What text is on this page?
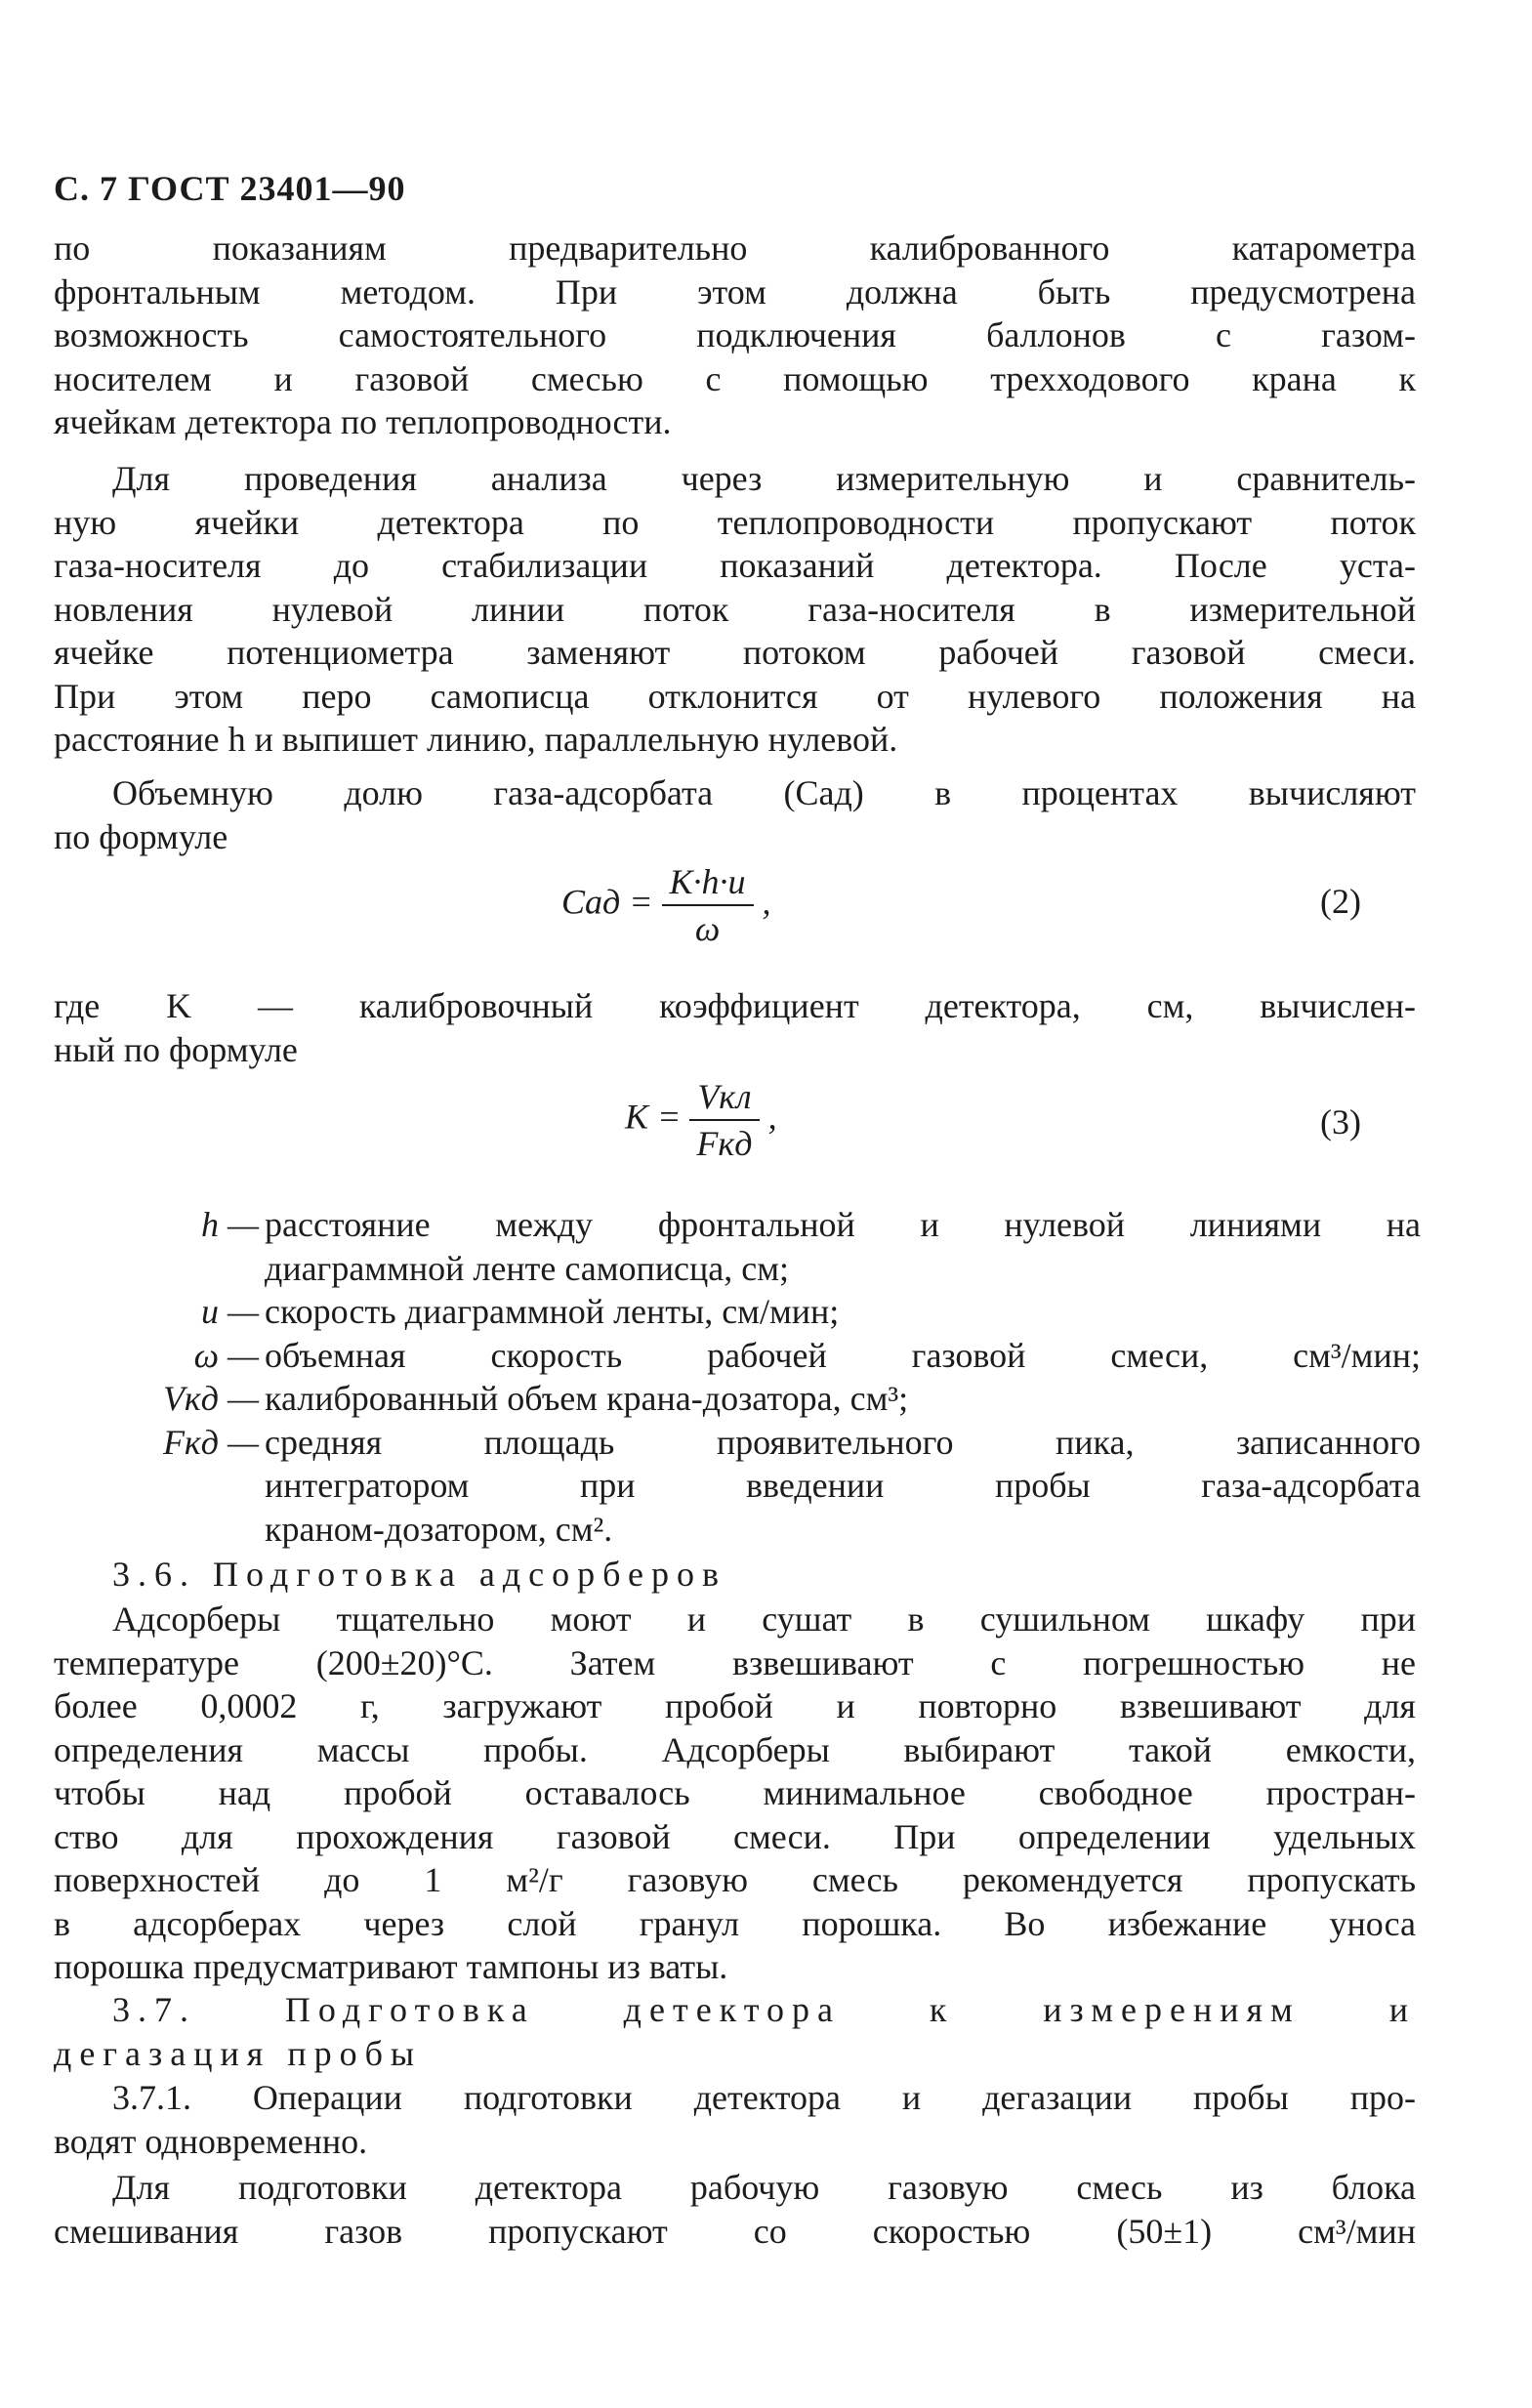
С. 7 ГОСТ 23401—90
по показаниям предварительно калиброванного катарометра
фронтальным методом. При этом должна быть предусмотрена
возможность самостоятельного подключения баллонов с газом-
носителем и газовой смесью с помощью трехходового крана к
ячейкам детектора по теплопроводности.
Для проведения анализа через измерительную и сравнитель-
ную ячейки детектора по теплопроводности пропускают поток
газа-носителя до стабилизации показаний детектора. После уста-
новления нулевой линии поток газа-носителя в измерительной
ячейке потенциометра заменяют потоком рабочей газовой смеси.
При этом перо самописца отклонится от нулевого положения на
расстояние h и выпишет линию, параллельную нулевой.
Объемную долю газа-адсорбата (Cад) в процентах вычисляют
по формуле
Cад = $\frac{K\cdot h\cdot u}{\omega}$ ,	(2)
где K — калибровочный коэффициент детектора, см, вычислен-
ный по формуле
$K = \frac{\text{Vкл}}{\text{Fкд}}$ ,	(3)
h — расстояние между фронтальной и нулевой линиями на
диаграммной ленте самописца, см;
u — скорость диаграммной ленты, см/мин;
ω — объемная скорость рабочей газовой смеси, см³/мин;
Vкд — калиброванный объем крана-дозатора, см³;
Fкд — средняя площадь проявительного пика, записанного
интегратором при введении пробы газа-адсорбата
краном-дозатором, см².
3.6. Подготовка адсорберов
Адсорберы тщательно моют и сушат в сушильном шкафу при
температуре (200±20)°С. Затем взвешивают с погрешностью не
более 0,0002 г, загружают пробой и повторно взвешивают для
определения массы пробы. Адсорберы выбирают такой емкости,
чтобы над пробой оставалось минимальное свободное простран-
ство для прохождения газовой смеси. При определении удельных
поверхностей до 1 м²/г газовую смесь рекомендуется пропускать
в адсорберах через слой гранул порошка. Во избежание уноса
порошка предусматривают тампоны из ваты.
3.7. Подготовка детектора к измерениям и
дегазация пробы
3.7.1. Операции подготовки детектора и дегазации пробы про-
водят одновременно.
Для подготовки детектора рабочую газовую смесь из блока
смешивания газов пропускают со скоростью (50±1) см³/мин
